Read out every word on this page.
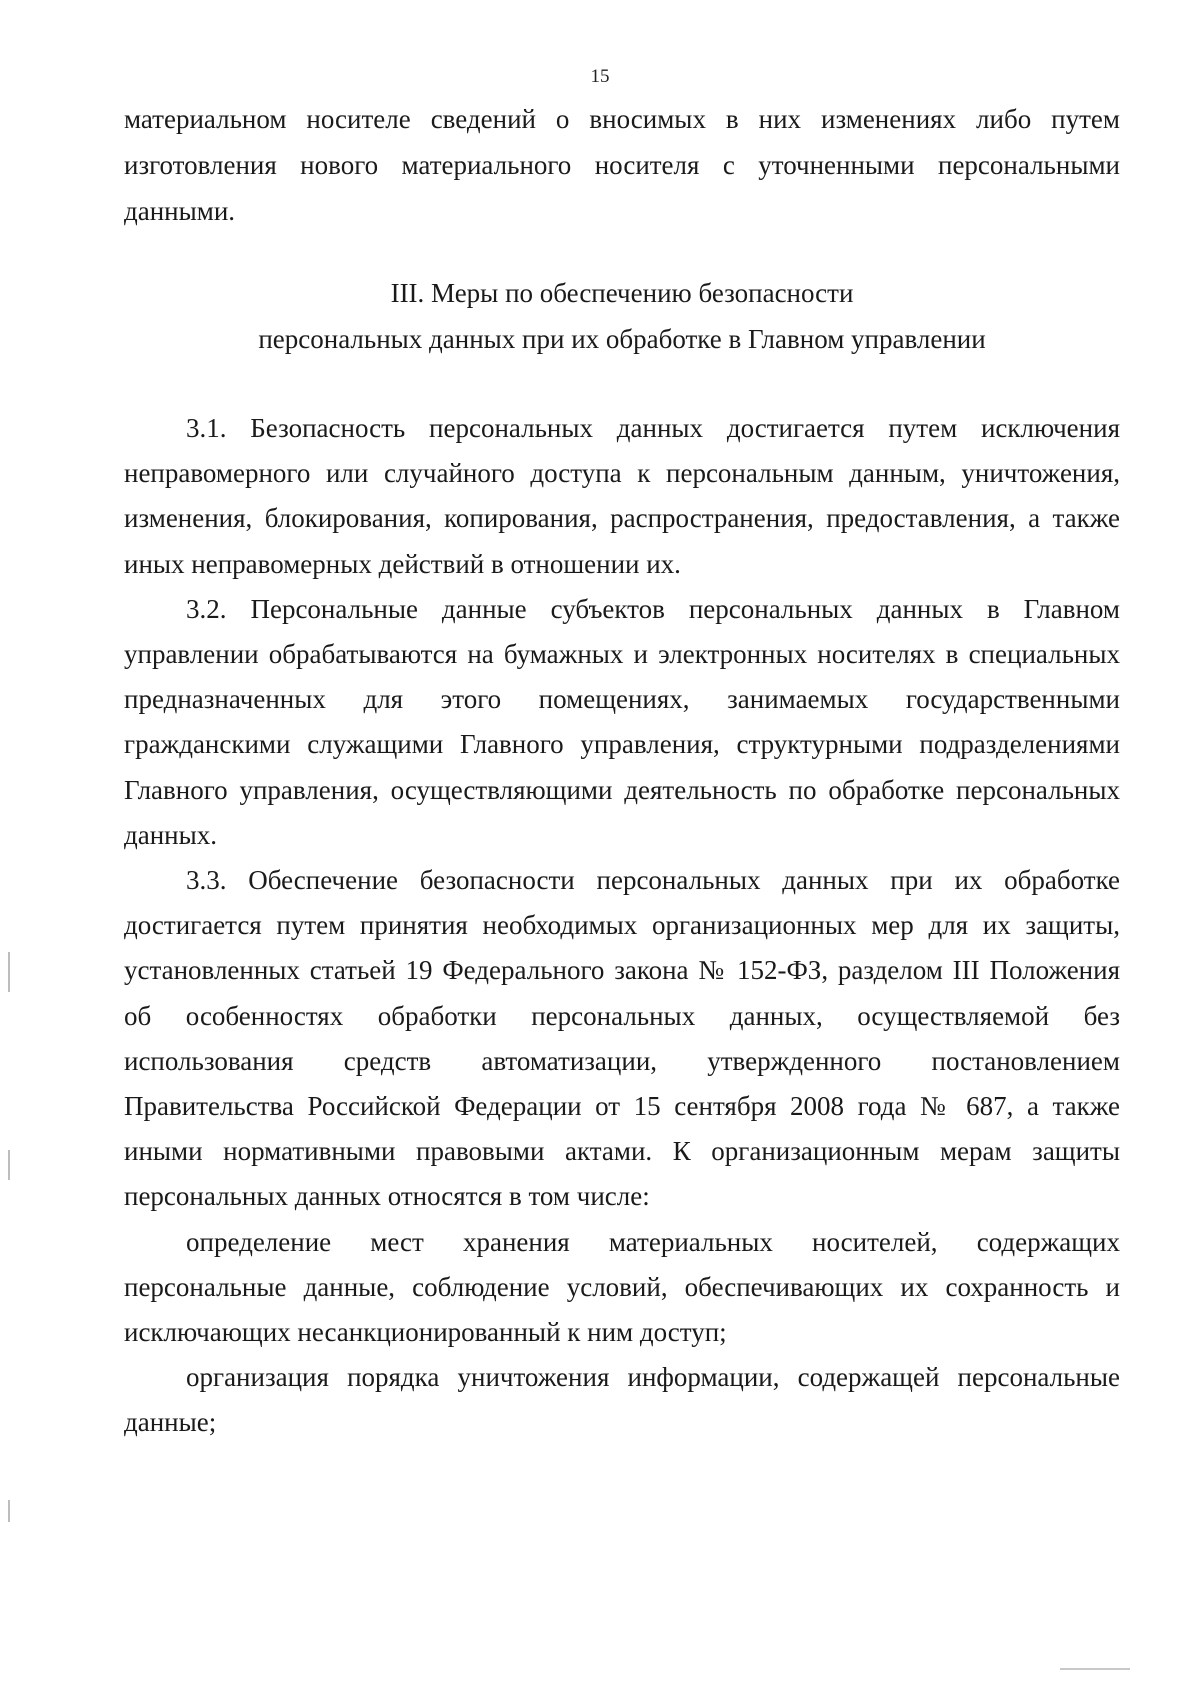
15

материальном носителе сведений о вносимых в них изменениях либо путем изготовления нового материального носителя с уточненными персональными данными.

III. Меры по обеспечению безопасности
персональных данных при их обработке в Главном управлении

3.1. Безопасность персональных данных достигается путем исключения неправомерного или случайного доступа к персональным данным, уничтожения, изменения, блокирования, копирования, распространения, предоставления, а также иных неправомерных действий в отношении их.

3.2. Персональные данные субъектов персональных данных в Главном управлении обрабатываются на бумажных и электронных носителях в специальных предназначенных для этого помещениях, занимаемых государственными гражданскими служащими Главного управления, структурными подразделениями Главного управления, осуществляющими деятельность по обработке персональных данных.

3.3. Обеспечение безопасности персональных данных при их обработке достигается путем принятия необходимых организационных мер для их защиты, установленных статьей 19 Федерального закона № 152-ФЗ, разделом III Положения об особенностях обработки персональных данных, осуществляемой без использования средств автоматизации, утвержденного постановлением Правительства Российской Федерации от 15 сентября 2008 года № 687, а также иными нормативными правовыми актами. К организационным мерам защиты персональных данных относятся в том числе:

определение мест хранения материальных носителей, содержащих персональные данные, соблюдение условий, обеспечивающих их сохранность и исключающих несанкционированный к ним доступ;

организация порядка уничтожения информации, содержащей персональные данные;
